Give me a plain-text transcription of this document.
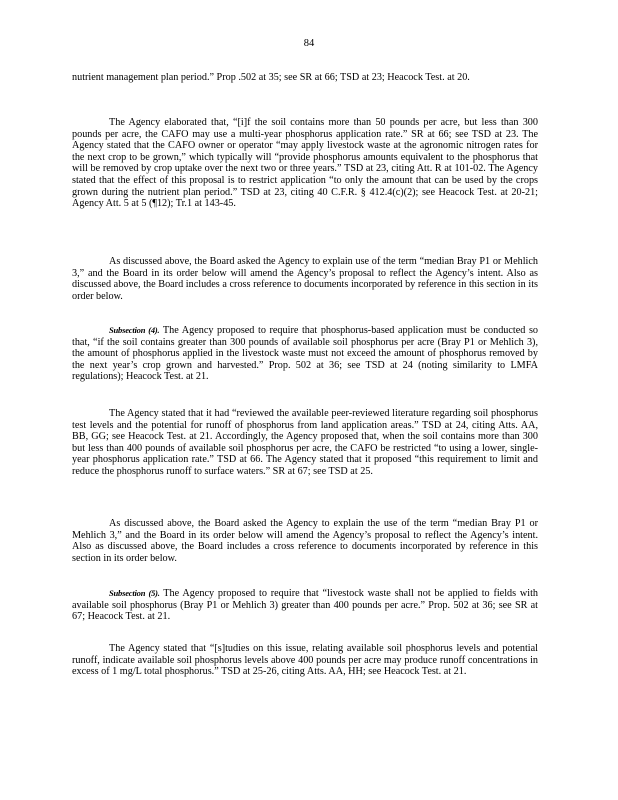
84

nutrient management plan period.” Prop .502 at 35; see SR at 66; TSD at 23; Heacock Test. at 20.

The Agency elaborated that, “[i]f the soil contains more than 50 pounds per acre, but less than 300 pounds per acre, the CAFO may use a multi-year phosphorus application rate.” SR at 66; see TSD at 23. The Agency stated that the CAFO owner or operator “may apply livestock waste at the agronomic nitrogen rates for the next crop to be grown,” which typically will “provide phosphorus amounts equivalent to the phosphorus that will be removed by crop uptake over the next two or three years.” TSD at 23, citing Att. R at 101-02. The Agency stated that the effect of this proposal is to restrict application “to only the amount that can be used by the crops grown during the nutrient plan period.” TSD at 23, citing 40 C.F.R. § 412.4(c)(2); see Heacock Test. at 20-21; Agency Att. 5 at 5 (¶12); Tr.1 at 143-45.

As discussed above, the Board asked the Agency to explain use of the term “median Bray P1 or Mehlich 3,” and the Board in its order below will amend the Agency’s proposal to reflect the Agency’s intent. Also as discussed above, the Board includes a cross reference to documents incorporated by reference in this section in its order below.

Subsection (4). The Agency proposed to require that phosphorus-based application must be conducted so that, “if the soil contains greater than 300 pounds of available soil phosphorus per acre (Bray P1 or Mehlich 3), the amount of phosphorus applied in the livestock waste must not exceed the amount of phosphorus removed by the next year’s crop grown and harvested.” Prop. 502 at 36; see TSD at 24 (noting similarity to LMFA regulations); Heacock Test. at 21.

The Agency stated that it had “reviewed the available peer-reviewed literature regarding soil phosphorus test levels and the potential for runoff of phosphorus from land application areas.” TSD at 24, citing Atts. AA, BB, GG; see Heacock Test. at 21. Accordingly, the Agency proposed that, when the soil contains more than 300 but less than 400 pounds of available soil phosphorus per acre, the CAFO be restricted “to using a lower, single-year phosphorus application rate.” TSD at 66. The Agency stated that it proposed “this requirement to limit and reduce the phosphorus runoff to surface waters.” SR at 67; see TSD at 25.

As discussed above, the Board asked the Agency to explain the use of the term “median Bray P1 or Mehlich 3,” and the Board in its order below will amend the Agency’s proposal to reflect the Agency’s intent. Also as discussed above, the Board includes a cross reference to documents incorporated by reference in this section in its order below.

Subsection (5). The Agency proposed to require that “livestock waste shall not be applied to fields with available soil phosphorus (Bray P1 or Mehlich 3) greater than 400 pounds per acre.” Prop. 502 at 36; see SR at 67; Heacock Test. at 21.

The Agency stated that “[s]tudies on this issue, relating available soil phosphorus levels and potential runoff, indicate available soil phosphorus levels above 400 pounds per acre may produce runoff concentrations in excess of 1 mg/L total phosphorus.” TSD at 25-26, citing Atts. AA, HH; see Heacock Test. at 21.
